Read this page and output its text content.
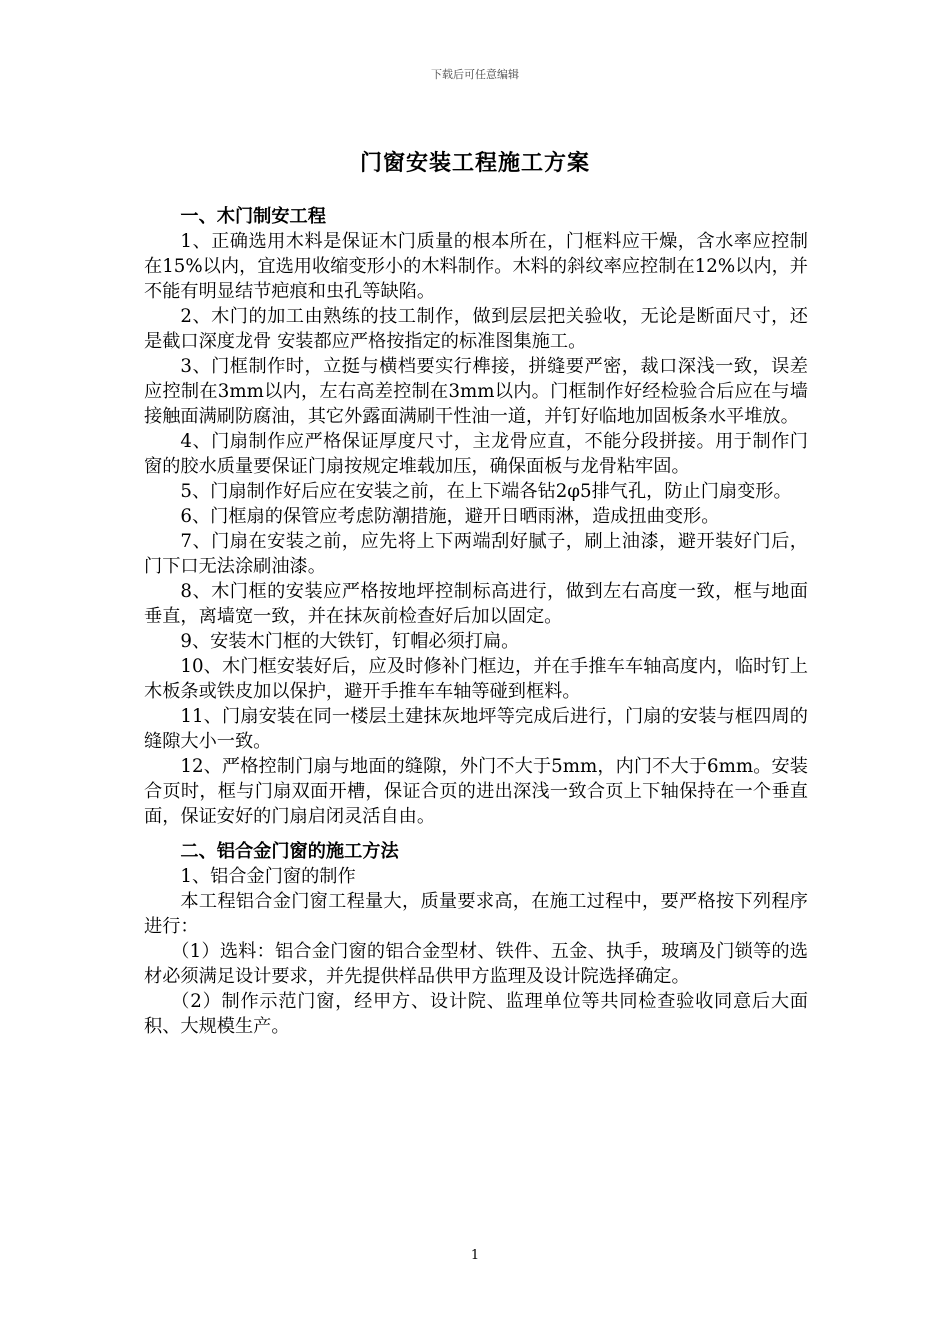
下载后可任意编辑
门窗安装工程施工方案
一、木门制安工程

1、正确选用木料是保证木门质量的根本所在，门框料应干燥，含水率应控制在15%以内，宜选用收缩变形小的木料制作。木料的斜纹率应控制在12%以内，并不能有明显结节疤痕和虫孔等缺陷。

2、木门的加工由熟练的技工制作，做到层层把关验收，无论是断面尺寸，还是截口深度龙骨 安装都应严格按指定的标准图集施工。

3、门框制作时，立挺与横档要实行榫接，拼缝要严密，裁口深浅一致，误差应控制在3mm以内，左右高差控制在3mm以内。门框制作好经检验合后应在与墙接触面满刷防腐油，其它外露面满刷干性油一道，并钉好临地加固板条水平堆放。

4、门扇制作应严格保证厚度尺寸，主龙骨应直，不能分段拼接。用于制作门窗的胶水质量要保证门扇按规定堆载加压，确保面板与龙骨粘牢固。

5、门扇制作好后应在安装之前，在上下端各钻2φ5排气孔，防止门扇变形。

6、门框扇的保管应考虑防潮措施，避开日晒雨淋，造成扭曲变形。

7、门扇在安装之前，应先将上下两端刮好腻子，刷上油漆，避开装好门后，门下口无法涂刷油漆。

8、木门框的安装应严格按地坪控制标高进行，做到左右高度一致，框与地面垂直，离墙宽一致，并在抹灰前检查好后加以固定。

9、安装木门框的大铁钉，钉帽必须打扁。

10、木门框安装好后，应及时修补门框边，并在手推车车轴高度内，临时钉上木板条或铁皮加以保护，避开手推车车轴等碰到框料。

11、门扇安装在同一楼层土建抹灰地坪等完成后进行，门扇的安装与框四周的缝隙大小一致。

12、严格控制门扇与地面的缝隙，外门不大于5mm，内门不大于6mm。安装合页时，框与门扇双面开槽，保证合页的进出深浅一致合页上下轴保持在一个垂直面，保证安好的门扇启闭灵活自由。

二、铝合金门窗的施工方法

1、铝合金门窗的制作

本工程铝合金门窗工程量大，质量要求高，在施工过程中，要严格按下列程序进行：

（1）选料：铝合金门窗的铝合金型材、铁件、五金、执手，玻璃及门锁等的选材必须满足设计要求，并先提供样品供甲方监理及设计院选择确定。

（2）制作示范门窗，经甲方、设计院、监理单位等共同检查验收同意后大面积、大规模生产。

1
